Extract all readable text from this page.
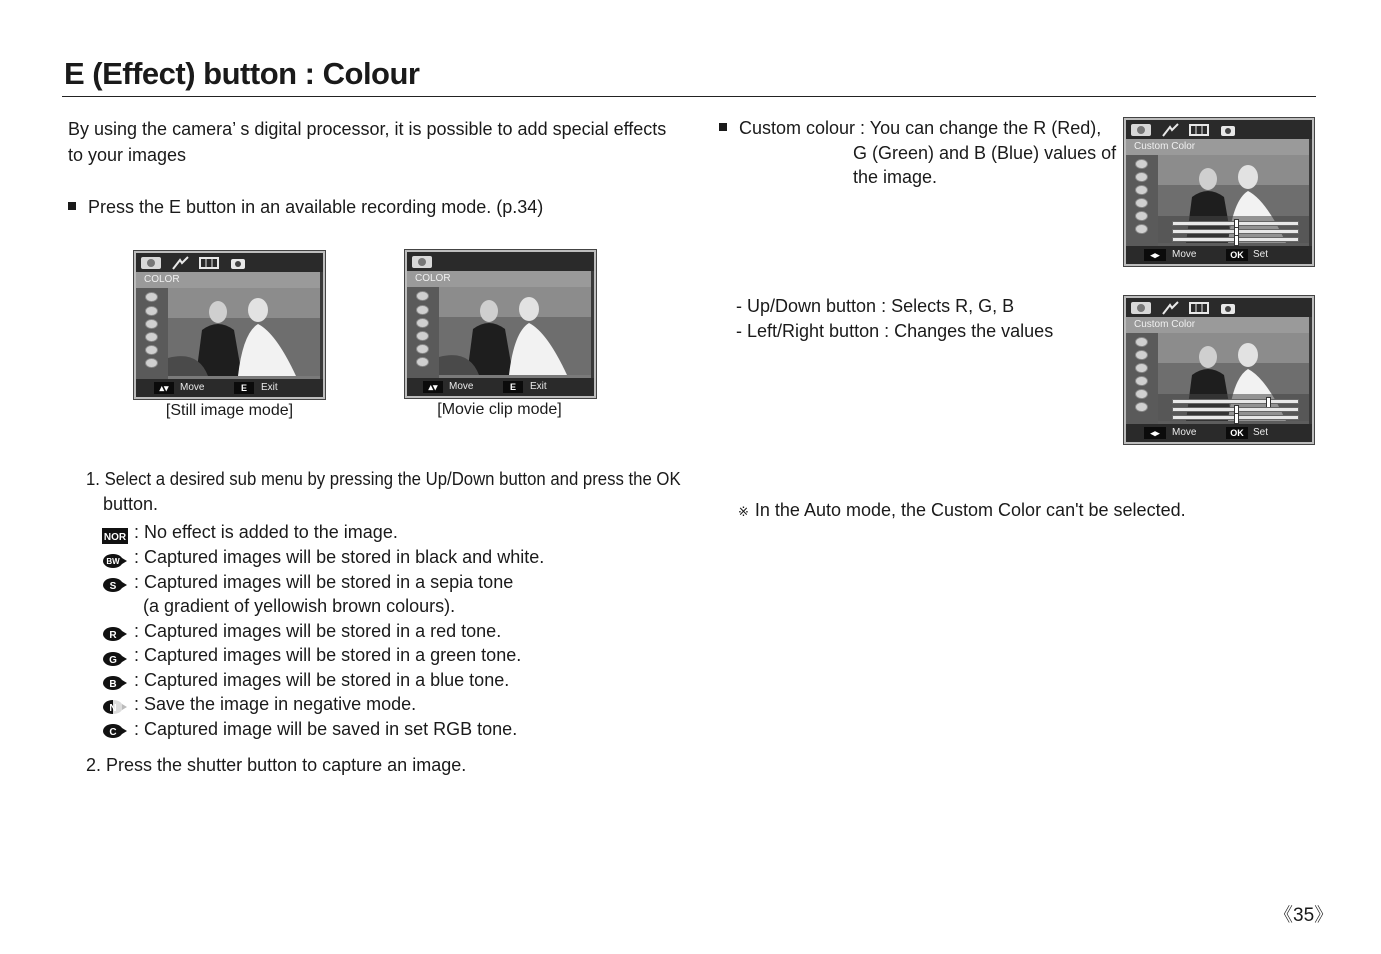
E (Effect) button : Colour
By using the camera’ s digital processor, it is possible to add special effects
to your images
Press the E button in an available recording mode. (p.34)
COLOR
▴▾	Move	E	Exit
[Still image mode]
COLOR
▴▾	Move	E	Exit
[Movie clip mode]
1. Select a desired sub menu by pressing the Up/Down button and press the OK
button.
NOR : No effect is added to the image.
BW : Captured images will be stored in black and white.
S : Captured images will be stored in a sepia tone
(a gradient of yellowish brown colours).
R : Captured images will be stored in a red tone.
G : Captured images will be stored in a green tone.
B : Captured images will be stored in a blue tone.
N : Save the image in negative mode.
C : Captured image will be saved in set RGB tone.
2. Press the shutter button to capture an image.
Custom colour : You can change the R (Red),
G (Green) and B (Blue) values of
the image.
- Up/Down button : Selects R, G, B
- Left/Right button : Changes the values
※ In the Auto mode, the Custom Color can't be selected.
Custom Color
◂▸	Move	OK Set
Custom Color
◂▸	Move	OK Set
《35》
